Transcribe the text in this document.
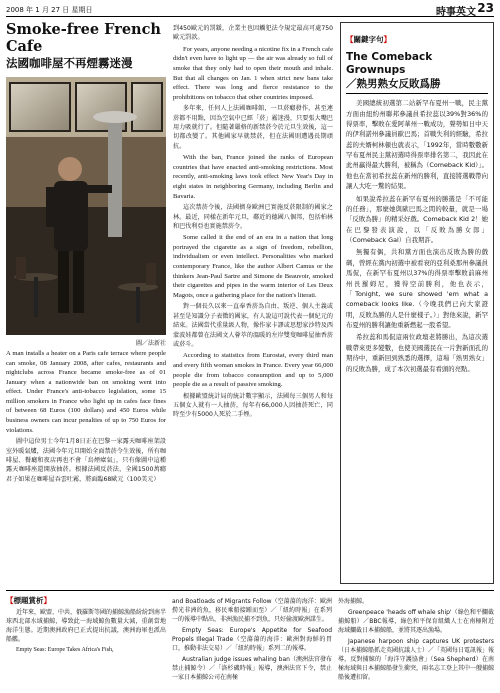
2008 年 1 月 27 日 星期日	時事英文 23
Smoke-free French Cafe
法國咖啡屋不再煙霧迷漫
圖／法新社

A man installs a heater on a Paris cafe terrace where people can smoke, 08 January 2008, after cafes, restaurants and nightclubs across France became smoke-free as of 01 January when a nationwide ban on smoking went into effect. Under France's anti-tobacco legislation, some 15 million smokers in France who light up in cafes face fines of between 68 Euros (100 dollars) and 450 Euros while business owners can incur penalties of up to 750 Euros for violations.

圖中這位男士今年1月8日正在巴黎一家露天咖啡座架設室外暖氣爐，法國今年元旦開始全面禁菸令生效後，所有咖啡屋、餐廳和夜店再也不會「烏煙瘴氣」，只有像圖中這種露天咖啡座還開放抽菸。根據法國反菸法，全國1500萬癮君子如果在咖啡屋吞雲吐霧，將面臨68歐元（100美元）

到450歐元的罰鍰，企業主也因觸犯法令規定最高可處750歐元罰款。

For years, anyone needing a nicotine fix in a French cafe didn't even have to light up — the air was already so full of smoke that they only had to open their mouth and inhale. But that all changes on Jan. 1 when strict new bans take effect. There was long and fierce resistance to the prohibitions on tobacco that other countries imposed.

多年來，任何人上法國咖啡館，一旦菸癮發作，甚至連菸都不用點，因為空氣中已經「菸」霧迷漫，只要張大嘴巴用力吸就行了。但隨著嚴格的新禁菸令於元旦生效後，這一切都改變了。其他國家早就禁菸，但在法國則遭遇長期頑抗。

With the ban, France joined the ranks of European countries that have enacted anti-smoking restrictions. Most recently, anti-smoking laws took effect New Year's Day in eight states in neighboring Germany, including Berlin and Bavaria.

這次禁菸令後，法國擠身歐洲已實施反菸限制的國家之林。最近，同樣在新年元旦，鄰近的德國八個邦，包括柏林和巴伐利亞也實施禁菸令。

Some called it the end of an era in a nation that long portrayed the cigarette as a sign of freedom, rebellion, individualism or even intellect. Personalities who marked contemporary France, like the author Albert Camus or the thinkers Jean-Paul Sartre and Simone de Beauvoir, smoked their cigarettes and pipes in the warm interior of Les Deux Magots, once a gathering place for the nation's literati.

對一個長久以來一直奉香菸為自由、叛逆、個人主義或甚至是知識分子表徵的國家，有人說這可說代表一個紀元的結束。法國當代重量級人物，像作家卡謬或思想家沙特及西蒙波娃都曾在法國文人薈萃的溫暖的左岸雙叟咖啡屋抽香菸或菸斗。

According to statistics from Eurostat, every third man and every fifth woman smokes in France. Every year 66,000 people die from tobacco consumption and up to 5,000 people die as a result of passive smoking.

根據歐盟統計局的統計數字顯示，法國每三個男人和每五個女人就有一人抽菸，每年有66,000人因抽菸死亡，同時至少有5000人死於二手煙。

【關鍵字句】
The Comeback Grownups
／熟男熟女反敗爲勝

美國總統初選第二站新罕布夏州一戰，民主黨方面由紐約州聯邦參議員希拉蕊以39%對36%的得票率，擊敗在愛阿華州一戰成功，聲勢如日中天的伊利諾州參議員歐巴馬；首戰失利的經驗，希拉蕊的夫婿柯林頓也就表示，「1992年，當時數數新罕布夏州民主黨初選時得票率排名第二，我因此在此州贏得最大勝利，被稱為（Comeback Kid）」。他也在當初希拉蕊在新州的勝利，直接將選戰帶向讓人大吃一驚的結果。

如果說希拉蕊在新罕布夏州的勝選是「不可能的任務」，那麼她與歐巴馬之間的較量，就是一場「反敗為勝」的精采好戲。Comeback Kid 2！她在巴黎發表演說，以「反敗為勝女郎」（Comeback Gal）自我期許。

無獨有偶，共和黨方面也演出反敗為勝的戲碼，曾經在黨內初選中被看衰的亞利桑那州參議員馬侃，在新罕布夏州以37%的得票率擊敗前麻州州長羅姆尼，獲得空前勝利，他也表示，「Tonight, we sure showed 'em what a comeback looks like.（今晚我們已向大家證明，反敗為勝的人是什麼樣子。）」對他來說，新罕布夏州的勝利讓他重新燃起一股希望。

希拉蕊和馬侃這兩位政壇老將勝出，為這次選戰帶來更多變數，也使美國選民在一片對新面孔的期待中，重新回到熟悉的選擇，這場「熟男熟女」的反敗為勝，成了本次初選最有看頭的亮點。

【標題賞析】

近年來，歐盟、中共、俄羅斯等國的捕鯨漁船紛紛到南半球西北部水域捕鯨，導致此一海域鯨魚數量大減，重創當地海洋生態。近期澳洲政府已正式提出抗議，澳洲海軍也派出船艦。

Empty Seas: Europe Takes Africa's Fish,

and Boatloads of Migrants Follow（空蕩蕩的海洋：歐洲撈光非洲的魚，移民乘船接踵而至）／「紐約時報」在系列一的報導中點出，非洲漁民捕不到魚，只好偷渡歐洲謀生。

Empty Seas: Europe's Appetite for Seafood Propels Illegal Trade（空蕩蕩的海洋：歐洲對海鮮的胃口，推動非法交易）／「紐約時報」系列二的報導。

Australian judge issues whaling ban（澳洲法官發布禁止捕鯨令）／「洛杉磯時報」報導，澳洲法官下令，禁止一家日本捕鯨公司在南極

外海捕鯨。

Greenpeace 'heads off whale ship'（綠色和平攔截捕鯨船）／BBC報導，綠色和平保育組織人士在南極附近海域攔截日本捕鯨船，並將其逐出漁場。

Japanese harpoon ship captures UK protesters（日本捕鯨船抓走英國抗議人士）／「英國每日電訊報」報導，反對捕鯨的「海洋守護協會」（Sea Shepherd）在南極海域與日本捕鯨船發生衝突，兩名志工登上其中一艘捕鯨船後遭扣留。
